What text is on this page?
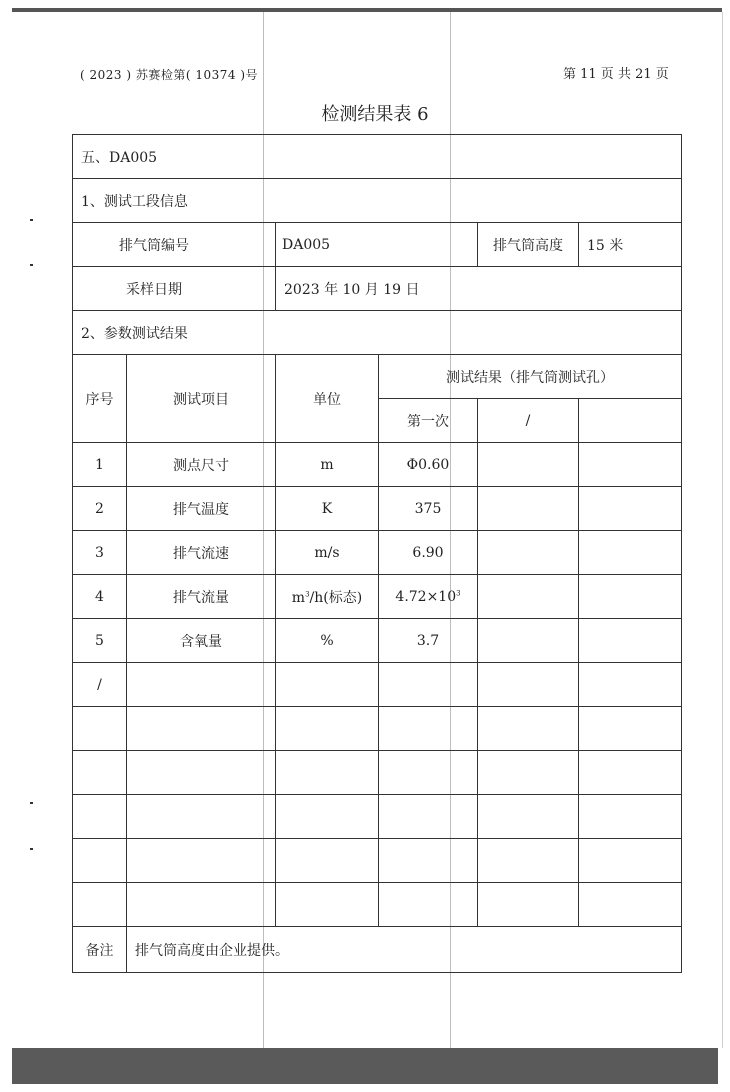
( 2023 ) 苏赛检第( 10374 )号	第 11 页 共 21 页
检测结果表 6
五、DA005					
1、测试工段信息					
排气筒编号		DA005		排气筒高度	15 米
采样日期		2023 年 10 月 19 日			
2、参数测试结果					
序号	测试项目	单位	测试结果（排气筒测试孔）		
			第一次	/	
1	测点尺寸	m	Φ0.60		
2	排气温度	K	375		
3	排气流速	m/s	6.90		
4	排气流量	$m^3/h$(标态)	$4.72\times 10^3$		
5	含氧量	%	3.7		
/					

备注	排气筒高度由企业提供。				
